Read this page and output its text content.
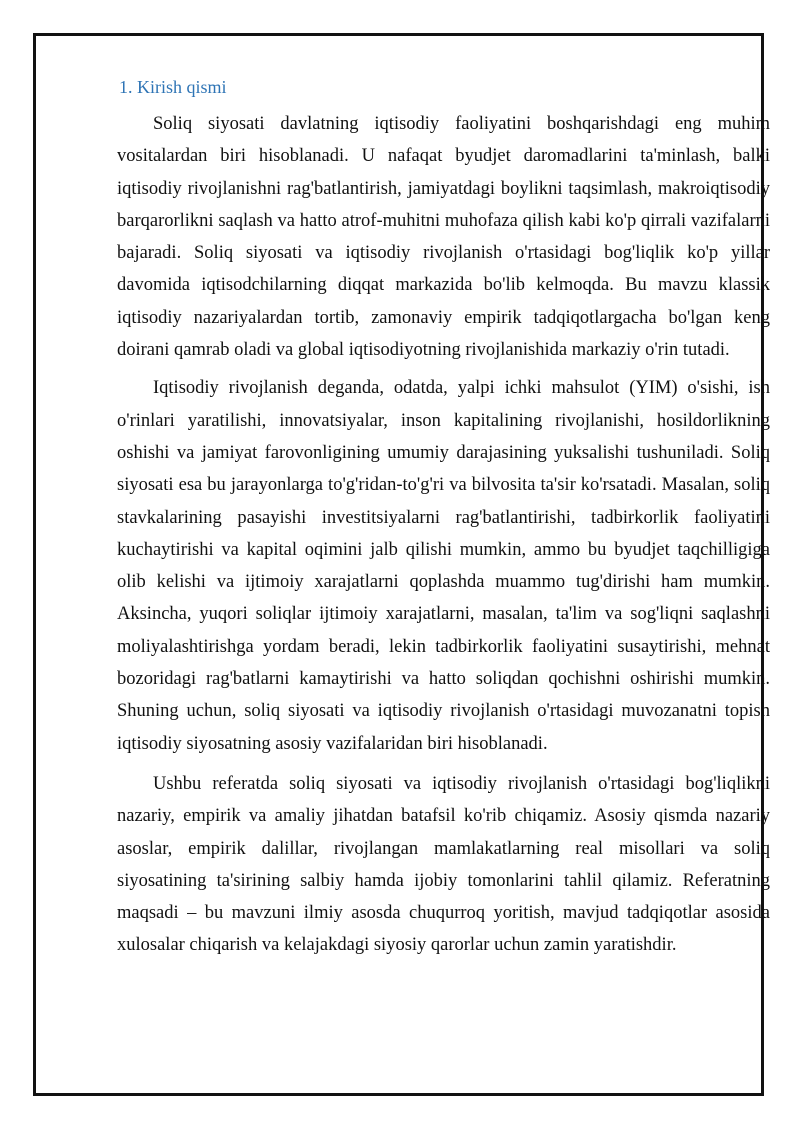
1. Kirish qismi

Soliq siyosati davlatning iqtisodiy faoliyatini boshqarishdagi eng muhim vositalardan biri hisoblanadi. U nafaqat byudjet daromadlarini ta'minlash, balki iqtisodiy rivojlanishni rag'batlantirish, jamiyatdagi boylikni taqsimlash, makroiqtisodiy barqarorlikni saqlash va hatto atrof-muhitni muhofaza qilish kabi ko'p qirrali vazifalarni bajaradi. Soliq siyosati va iqtisodiy rivojlanish o'rtasidagi bog'liqlik ko'p yillar davomida iqtisodchilarning diqqat markazida bo'lib kelmoqda. Bu mavzu klassik iqtisodiy nazariyalardan tortib, zamonaviy empirik tadqiqotlargacha bo'lgan keng doirani qamrab oladi va global iqtisodiyotning rivojlanishida markaziy o'rin tutadi.

Iqtisodiy rivojlanish deganda, odatda, yalpi ichki mahsulot (YIM) o'sishi, ish o'rinlari yaratilishi, innovatsiyalar, inson kapitalining rivojlanishi, hosildorlikning oshishi va jamiyat farovonligining umumiy darajasining yuksalishi tushuniladi. Soliq siyosati esa bu jarayonlarga to'g'ridan-to'g'ri va bilvosita ta'sir ko'rsatadi. Masalan, soliq stavkalarining pasayishi investitsiyalarni rag'batlantirishi, tadbirkorlik faoliyatini kuchaytirishi va kapital oqimini jalb qilishi mumkin, ammo bu byudjet taqchilligiga olib kelishi va ijtimoiy xarajatlarni qoplashda muammo tug'dirishi ham mumkin. Aksincha, yuqori soliqlar ijtimoiy xarajatlarni, masalan, ta'lim va sog'liqni saqlashni moliyalashtirishga yordam beradi, lekin tadbirkorlik faoliyatini susaytirishi, mehnat bozoridagi rag'batlarni kamaytirishi va hatto soliqdan qochishni oshirishi mumkin. Shuning uchun, soliq siyosati va iqtisodiy rivojlanish o'rtasidagi muvozanatni topish iqtisodiy siyosatning asosiy vazifalaridan biri hisoblanadi.

Ushbu referatda soliq siyosati va iqtisodiy rivojlanish o'rtasidagi bog'liqlikni nazariy, empirik va amaliy jihatdan batafsil ko'rib chiqamiz. Asosiy qismda nazariy asoslar, empirik dalillar, rivojlangan mamlakatlarning real misollari va soliq siyosatining ta'sirining salbiy hamda ijobiy tomonlarini tahlil qilamiz. Referatning maqsadi – bu mavzuni ilmiy asosda chuqurroq yoritish, mavjud tadqiqotlar asosida xulosalar chiqarish va kelajakdagi siyosiy qarorlar uchun zamin yaratishdir.
